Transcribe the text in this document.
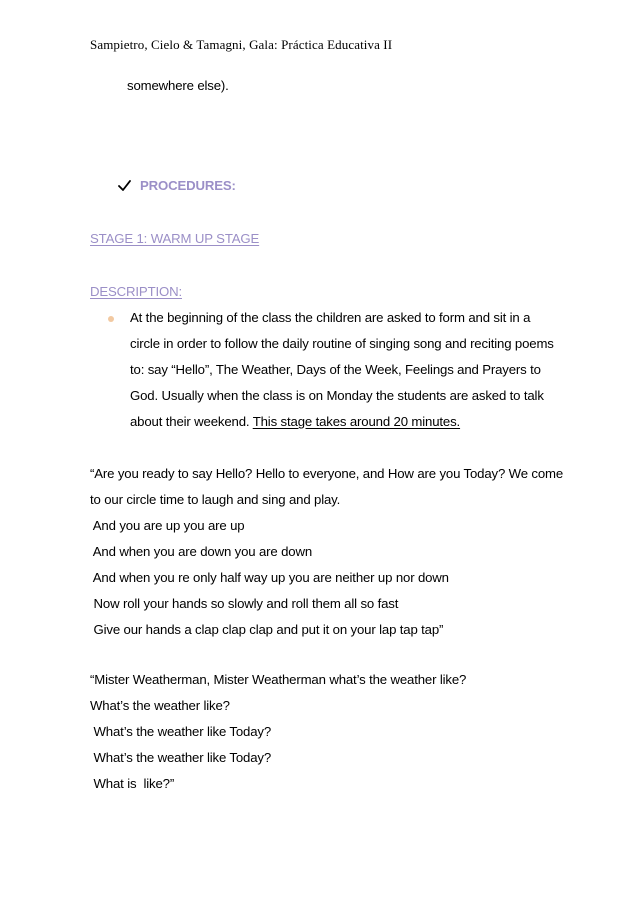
Sampietro, Cielo & Tamagni, Gala: Práctica Educativa II
somewhere else).
PROCEDURES:
STAGE 1: WARM UP STAGE
DESCRIPTION:
At the beginning of the class the children are asked to form and sit in a
circle in order to follow the daily routine of singing song and reciting poems
to: say “Hello”, The Weather, Days of the Week, Feelings and Prayers to
God. Usually when the class is on Monday the students are asked to talk
about their weekend. This stage takes around 20 minutes.
“Are you ready to say Hello? Hello to everyone, and How are you Today? We come
to our circle time to laugh and sing and play.
And you are up you are up
And when you are down you are down
And when you re only half way up you are neither up nor down
Now roll your hands so slowly and roll them all so fast
Give our hands a clap clap clap and put it on your lap tap tap”
“Mister Weatherman, Mister Weatherman what’s the weather like?
What’s the weather like?
What’s the weather like Today?
What’s the weather like Today?
What is  like?”
